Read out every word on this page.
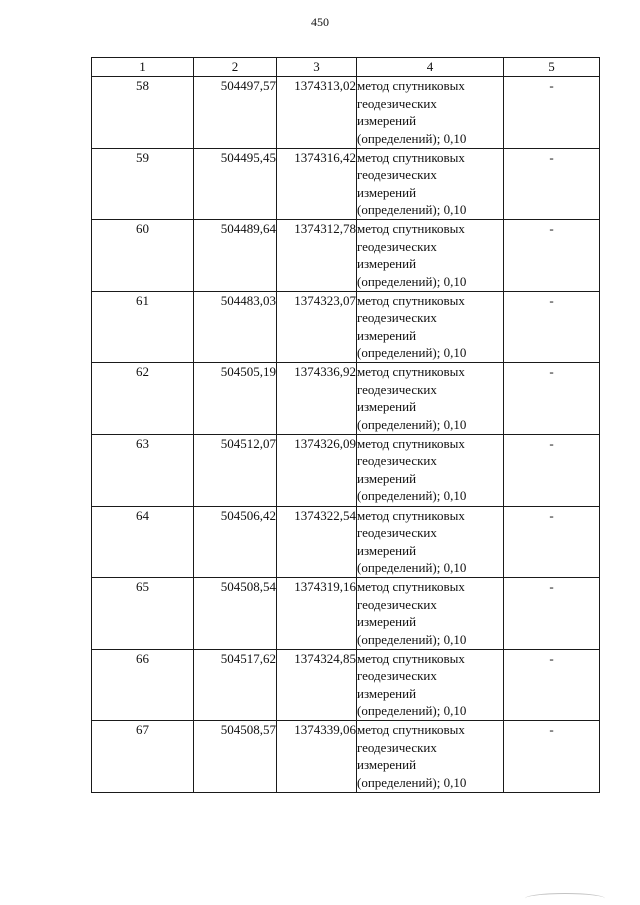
450
1	2	3	4	5
58	504497,57	1374313,02	метод спутниковых
геодезических
измерений
(определений); 0,10	-
59	504495,45	1374316,42	метод спутниковых
геодезических
измерений
(определений); 0,10	-
60	504489,64	1374312,78	метод спутниковых
геодезических
измерений
(определений); 0,10	-
61	504483,03	1374323,07	метод спутниковых
геодезических
измерений
(определений); 0,10	-
62	504505,19	1374336,92	метод спутниковых
геодезических
измерений
(определений); 0,10	-
63	504512,07	1374326,09	метод спутниковых
геодезических
измерений
(определений); 0,10	-
64	504506,42	1374322,54	метод спутниковых
геодезических
измерений
(определений); 0,10	-
65	504508,54	1374319,16	метод спутниковых
геодезических
измерений
(определений); 0,10	-
66	504517,62	1374324,85	метод спутниковых
геодезических
измерений
(определений); 0,10	-
67	504508,57	1374339,06	метод спутниковых
геодезических
измерений
(определений); 0,10	-
